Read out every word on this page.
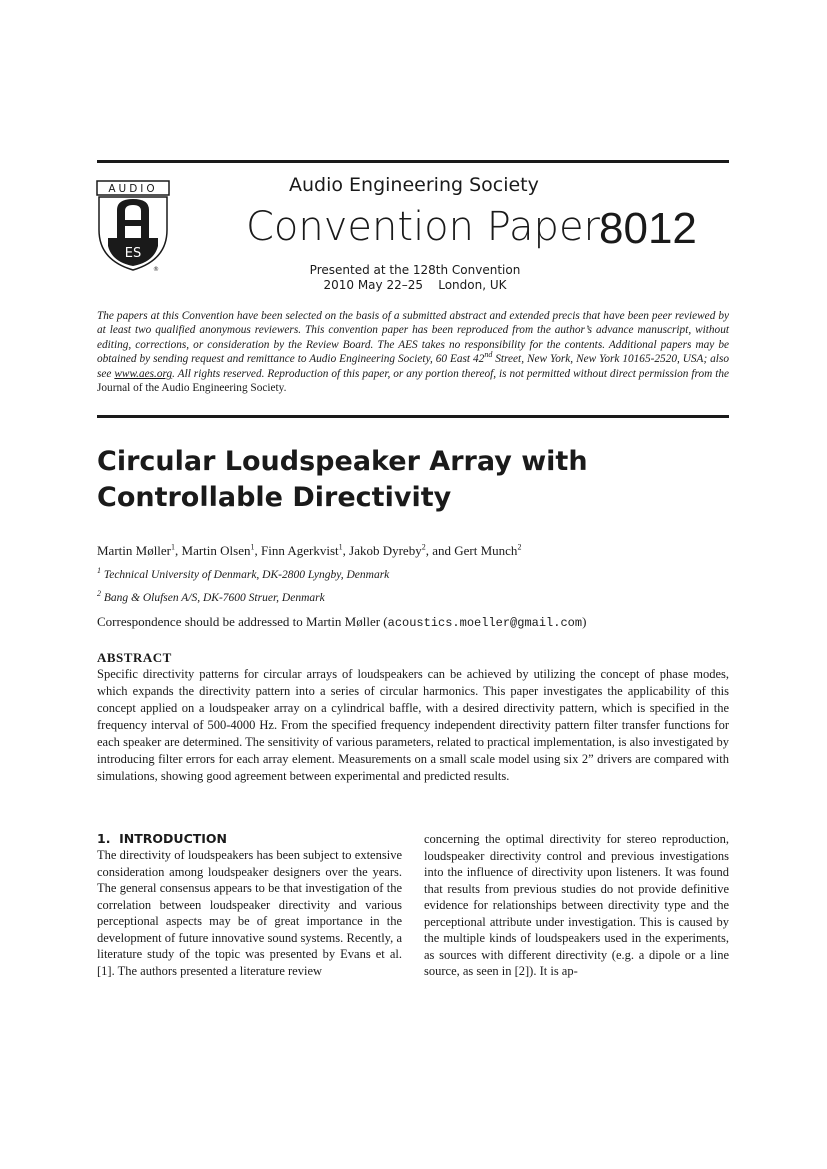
AUDIO
ES
®
Audio Engineering Society
Convention Paper
8012
Presented at the 128th Convention
2010 May 22–25    London, UK
The papers at this Convention have been selected on the basis of a submitted abstract and extended precis that have been peer reviewed by at least two qualified anonymous reviewers. This convention paper has been reproduced from the author’s advance manuscript, without editing, corrections, or consideration by the Review Board. The AES takes no responsibility for the contents. Additional papers may be obtained by sending request and remittance to Audio Engineering Society, 60 East 42nd Street, New York, New York 10165-2520, USA; also see www.aes.org. All rights reserved. Reproduction of this paper, or any portion thereof, is not permitted without direct permission from the Journal of the Audio Engineering Society.
Circular Loudspeaker Array with Controllable Directivity
Martin Møller$^1$, Martin Olsen$^1$, Finn Agerkvist$^1$, Jakob Dyreby$^2$, and Gert Munch$^2$
$^1$ Technical University of Denmark, DK-2800 Lyngby, Denmark
$^2$ Bang & Olufsen A/S, DK-7600 Struer, Denmark
Correspondence should be addressed to Martin Møller (acoustics.moeller@gmail.com)
ABSTRACT
Specific directivity patterns for circular arrays of loudspeakers can be achieved by utilizing the concept of phase modes, which expands the directivity pattern into a series of circular harmonics. This paper investigates the applicability of this concept applied on a loudspeaker array on a cylindrical baffle, with a desired directivity pattern, which is specified in the frequency interval of 500-4000 Hz. From the specified frequency independent directivity pattern filter transfer functions for each speaker are determined. The sensitivity of various parameters, related to practical implementation, is also investigated by introducing filter errors for each array element. Measurements on a small scale model using six 2” drivers are compared with simulations, showing good agreement between experimental and predicted results.
1.  INTRODUCTION
The directivity of loudspeakers has been subject to extensive consideration among loudspeaker designers over the years. The general consensus appears to be that investigation of the correlation between loudspeaker directivity and various perceptional aspects may be of great importance in the development of future innovative sound systems. Recently, a literature study of the topic was presented by Evans et al. [1]. The authors presented a literature review
concerning the optimal directivity for stereo reproduction, loudspeaker directivity control and previous investigations into the influence of directivity upon listeners. It was found that results from previous studies do not provide definitive evidence for relationships between directivity type and the perceptional attribute under investigation. This is caused by the multiple kinds of loudspeakers used in the experiments, as sources with different directivity (e.g. a dipole or a line source, as seen in [2]). It is ap-
